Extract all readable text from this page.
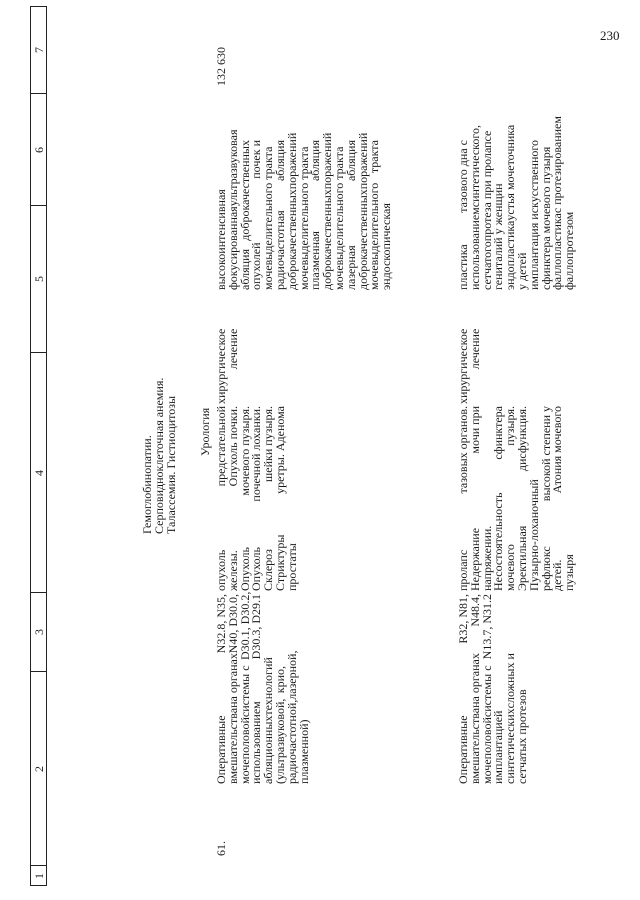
230
1
2
3
4
5
6
7
Гемоглобинопатии.
Серповидноклеточная анемия.
Талассемия. Гистиоцитозы Урология
61.
Оперативные
вмешательства
на органах
мочеполовой
системы с
использованием
абляционных
технологий
(ультразвуковой,
крио,
радиочастотной,
лазерной,
плазменной)
N32.8, N35,
N40, D30.0,
D30.1, D30.2,
D30.3, D29.1
опухоль
предстательной
железы.
Опухоль почки.
Опухоль
мочевого пузыря.
Опухоль
почечной лоханки.
Склероз
шейки пузыря.
Стриктуры
уретры. Аденома
простаты
хирургическое
лечение
высокоинтенсивная
фокусированная
ультразвуковая
абляция
доброкачественных
опухолей
почек и
мочевыделительного тракта
радиочастотная
абляция
доброкачественных
поражений
мочевыделительного тракта
плазменная
абляция
доброкачественных
поражений
мочевыделительного тракта
лазерная
абляция
доброкачественных
поражений
мочевыделительного
тракта
эндоскопическая
132 630
Оперативные
вмешательства
на органах
мочеполовой
системы с
имплантацией
синтетических
сложных и
сетчатых протезов
R32, N81,
N48.4,
N13.7, N31.2
пролапс
тазовых органов.
Недержание
мочи при
напряжении.
Несостоятельность
сфинктера
мочевого
пузыря.
Эректильная
дисфункция.
Пузырно-лоханочный
рефлюкс
высокой степени у
детей.
Атония мочевого
пузыря
хирургическое
лечение
пластика
тазового дна с
использованием
синтетического,
сетчатого
протеза при пролапсе
гениталий у женщин
эндопластика
устья мочеточника
у детей
имплантация
искусственного
сфинктера мочевого пузыря
фаллопластика
с протезированием
фаллопротезом
